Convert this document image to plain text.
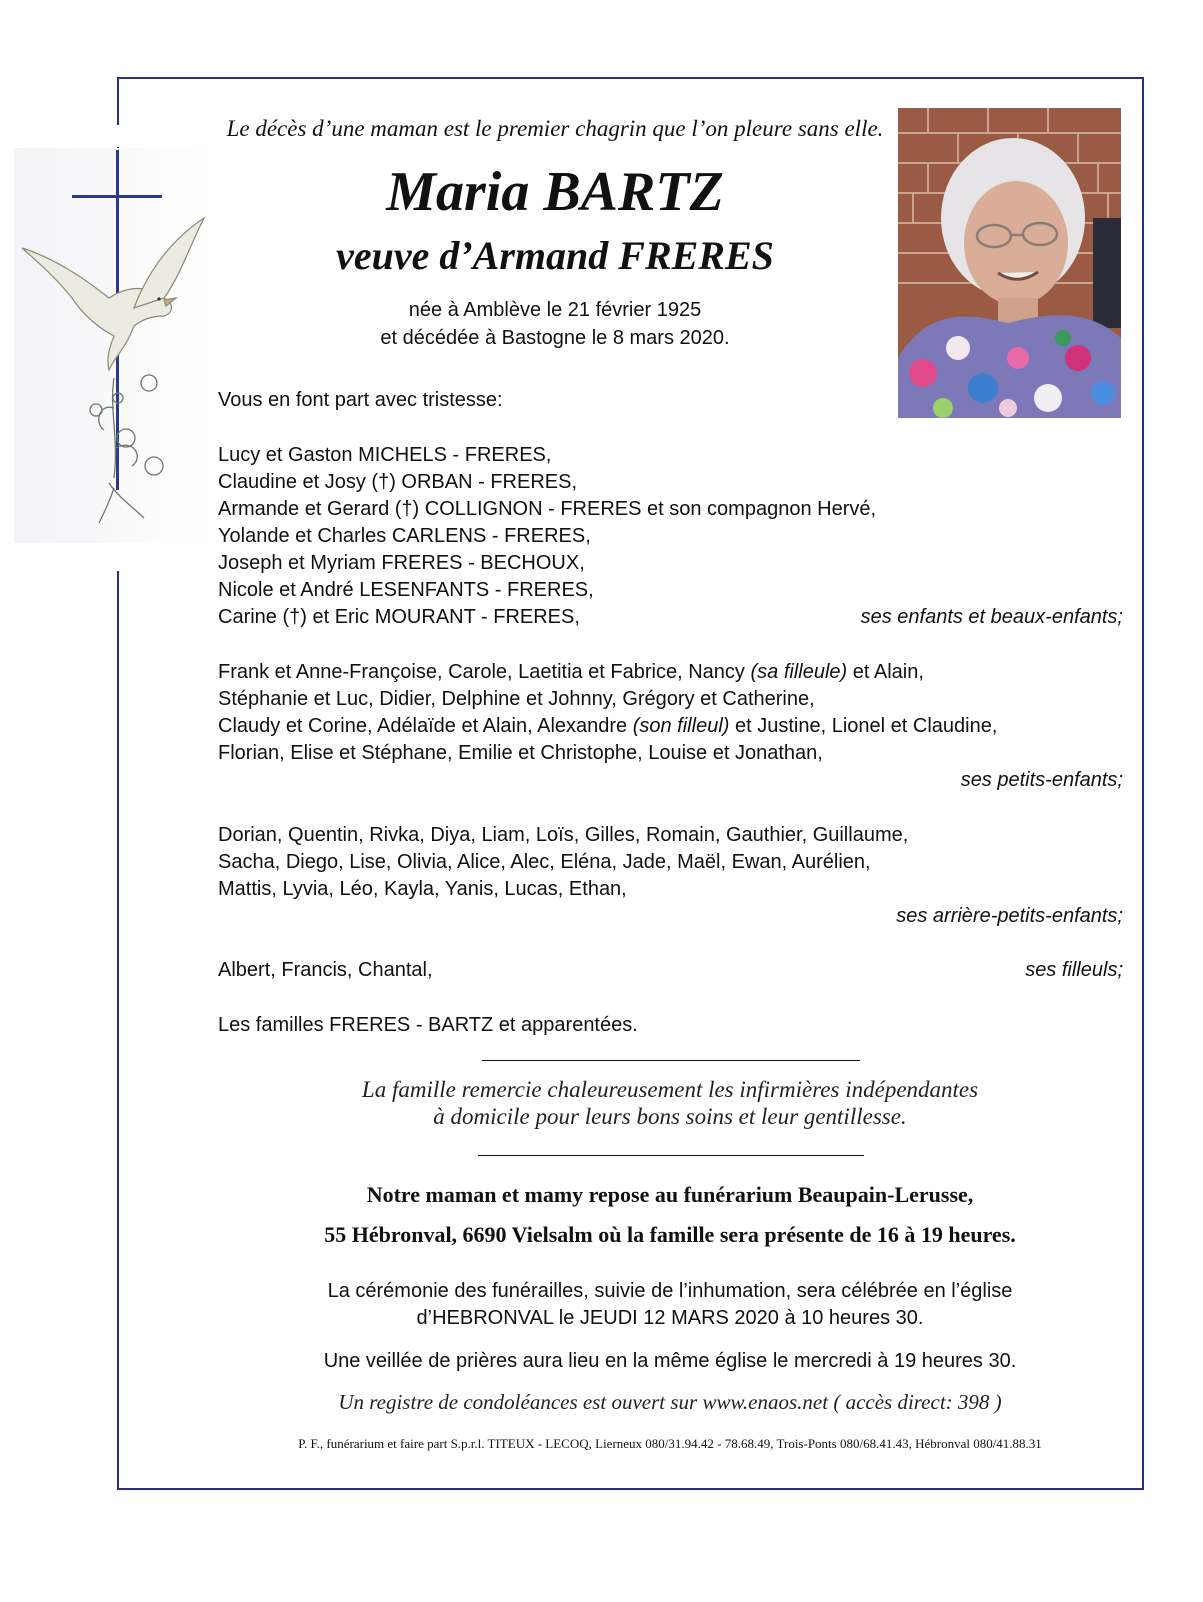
Le décès d’une maman est le premier chagrin que l’on pleure sans elle.
Maria BARTZ
veuve d’Armand FRERES
née à Amblève le 21 février 1925
et décédée à Bastogne le 8 mars 2020.
Vous en font part avec tristesse:
Lucy et Gaston MICHELS - FRERES,
Claudine et Josy (†) ORBAN - FRERES,
Armande et Gerard (†) COLLIGNON - FRERES et son compagnon Hervé,
Yolande et Charles CARLENS - FRERES,
Joseph et Myriam FRERES - BECHOUX,
Nicole et André LESENFANTS - FRERES,
Carine (†) et Eric MOURANT - FRERES,	ses enfants et beaux-enfants;
Frank et Anne-Françoise, Carole, Laetitia et Fabrice, Nancy (sa filleule) et Alain,
Stéphanie et Luc, Didier, Delphine et Johnny, Grégory et Catherine,
Claudy et Corine, Adélaïde et Alain, Alexandre (son filleul) et Justine, Lionel et Claudine,
Florian, Elise et Stéphane, Emilie et Christophe, Louise et Jonathan,
ses petits-enfants;
Dorian, Quentin, Rivka, Diya, Liam, Loïs, Gilles, Romain, Gauthier, Guillaume,
Sacha, Diego, Lise, Olivia, Alice, Alec, Eléna, Jade, Maël, Ewan, Aurélien,
Mattis, Lyvia, Léo, Kayla, Yanis, Lucas, Ethan,
ses arrière-petits-enfants;
Albert, Francis, Chantal,	ses filleuls;
Les familles FRERES - BARTZ et apparentées.
La famille remercie chaleureusement les infirmières indépendantes
à domicile pour leurs bons soins et leur gentillesse.
Notre maman et mamy repose au funérarium Beaupain-Lerusse,
55 Hébronval, 6690 Vielsalm où la famille sera présente de 16 à 19 heures.
La cérémonie des funérailles, suivie de l’inhumation, sera célébrée en l’église
d’HEBRONVAL le JEUDI 12 MARS 2020 à 10 heures 30.
Une veillée de prières aura lieu en la même église le mercredi à 19 heures 30.
Un registre de condoléances est ouvert sur www.enaos.net ( accès direct: 398 )
P. F., funérarium et faire part S.p.r.l. TITEUX - LECOQ, Lierneux 080/31.94.42 - 78.68.49, Trois-Ponts 080/68.41.43, Hébronval 080/41.88.31
